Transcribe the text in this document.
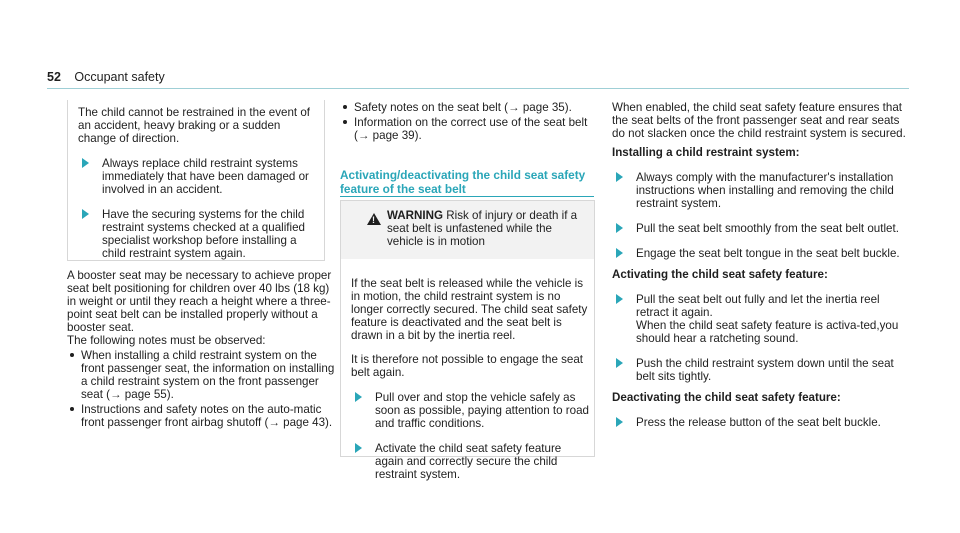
52 Occupant safety

The child cannot be restrained in the event of an accident, heavy braking or a sudden change of direction.

Always replace child restraint systems immediately that have been damaged or involved in an accident.

Have the securing systems for the child restraint systems checked at a qualified specialist workshop before installing a child restraint system again.

A booster seat may be necessary to achieve proper seat belt positioning for children over 40 lbs (18 kg) in weight or until they reach a height where a three-point seat belt can be installed properly without a booster seat.

The following notes must be observed:

When installing a child restraint system on the front passenger seat, the information on installing a child restraint system on the front passenger seat (→ page 55).

Instructions and safety notes on the auto-matic front passenger front airbag shutoff (→ page 43).

Safety notes on the seat belt (→ page 35).

Information on the correct use of the seat belt (→ page 39).

Activating/deactivating the child seat safety feature of the seat belt
! WARNING Risk of injury or death if a seat belt is unfastened while the vehicle is in motion

If the seat belt is released while the vehicle is in motion, the child restraint system is no longer correctly secured. The child seat safety feature is deactivated and the seat belt is drawn in a bit by the inertia reel.

It is therefore not possible to engage the seat belt again.

Pull over and stop the vehicle safely as soon as possible, paying attention to road and traffic conditions.

Activate the child seat safety feature again and correctly secure the child restraint system.

When enabled, the child seat safety feature ensures that the seat belts of the front passenger seat and rear seats do not slacken once the child restraint system is secured.

Installing a child restraint system:

Always comply with the manufacturer's installation instructions when installing and removing the child restraint system.

Pull the seat belt smoothly from the seat belt outlet.

Engage the seat belt tongue in the seat belt buckle.

Activating the child seat safety feature:

Pull the seat belt out fully and let the inertia reel retract it again.

When the child seat safety feature is activa-ted,you should hear a ratcheting sound.

Push the child restraint system down until the seat belt sits tightly.

Deactivating the child seat safety feature:

Press the release button of the seat belt buckle.
